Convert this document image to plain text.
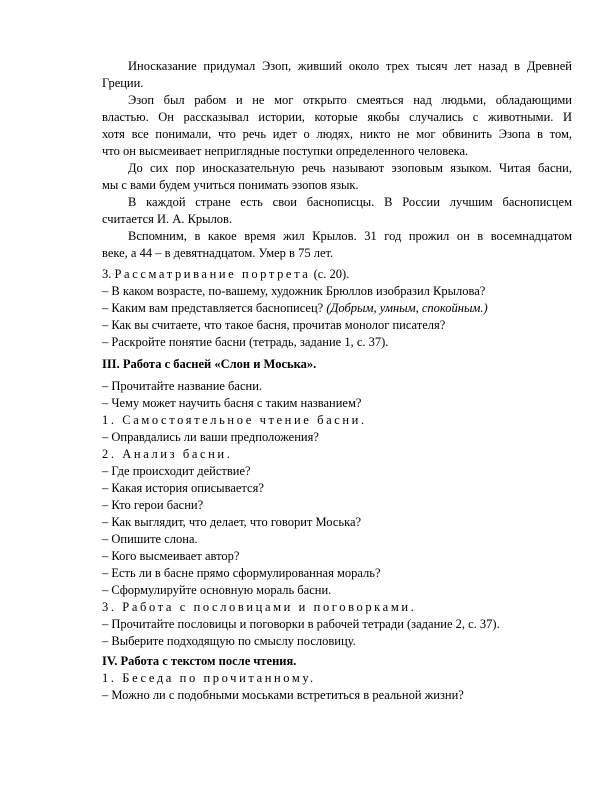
Иносказание придумал Эзоп, живший около трех тысяч лет назад в Древней
Греции.
Эзоп был рабом и не мог открыто смеяться над людьми, обладающими
властью. Он рассказывал истории, которые якобы случались с животными. И
хотя все понимали, что речь идет о людях, никто не мог обвинить Эзопа в том,
что он высмеивает неприглядные поступки определенного человека.
До сих пор иносказательную речь называют эзоповым языком. Читая басни,
мы с вами будем учиться понимать эзопов язык.
В каждой стране есть свои баснописцы. В России лучшим баснописцем
считается И. А. Крылов.
Вспомним, в какое время жил Крылов. 31 год прожил он в восемнадцатом
веке, а 44 – в девятнадцатом. Умер в 75 лет.
3. Рассматривание портрета (с. 20).
– В каком возрасте, по-вашему, художник Брюллов изобразил Крылова?
– Каким вам представляется баснописец? (Добрым, умным, спокойным.)
– Как вы считаете, что такое басня, прочитав монолог писателя?
– Раскройте понятие басни (тетрадь, задание 1, с. 37).
III. Работа с басней «Слон и Моська».
– Прочитайте название басни.
– Чему может научить басня с таким названием?
1. Самостоятельное чтение басни.
– Оправдались ли ваши предположения?
2. Анализ басни.
– Где происходит действие?
– Какая история описывается?
– Кто герои басни?
– Как выглядит, что делает, что говорит Моська?
– Опишите слона.
– Кого высмеивает автор?
– Есть ли в басне прямо сформулированная мораль?
– Сформулируйте основную мораль басни.
3. Работа с пословицами и поговорками.
– Прочитайте пословицы и поговорки в рабочей тетради (задание 2, с. 37).
– Выберите подходящую по смыслу пословицу.
IV. Работа с текстом после чтения.
1. Беседа по прочитанному.
– Можно ли с подобными моськами встретиться в реальной жизни?
